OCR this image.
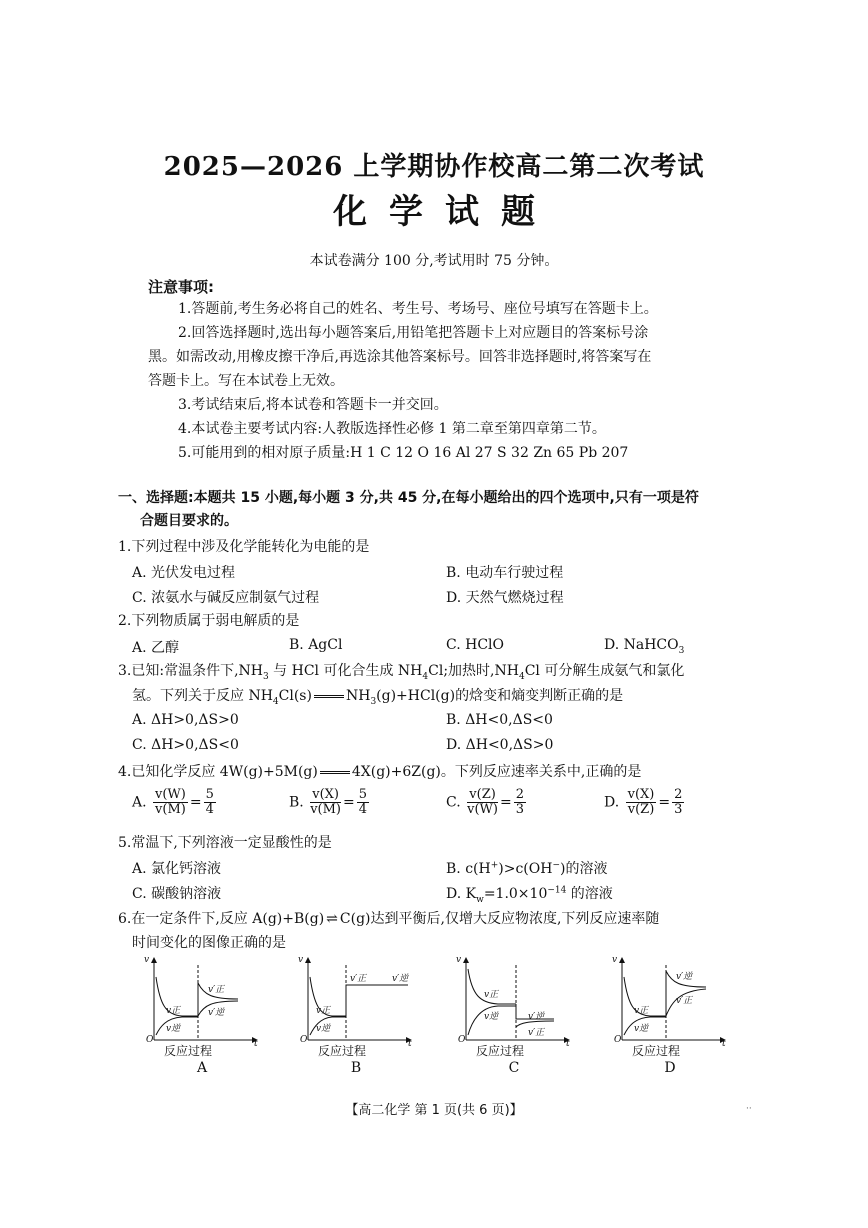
2025—2026 上学期协作校高二第二次考试
化学试题
本试卷满分 100 分,考试用时 75 分钟。
注意事项:
1.答题前,考生务必将自己的姓名、考生号、考场号、座位号填写在答题卡上。
2.回答选择题时,选出每小题答案后,用铅笔把答题卡上对应题目的答案标号涂
黑。如需改动,用橡皮擦干净后,再选涂其他答案标号。回答非选择题时,将答案写在
答题卡上。写在本试卷上无效。
3.考试结束后,将本试卷和答题卡一并交回。
4.本试卷主要考试内容:人教版选择性必修 1 第二章至第四章第二节。
5.可能用到的相对原子质量:H 1 C 12 O 16 Al 27 S 32 Zn 65 Pb 207
一、选择题:本题共 15 小题,每小题 3 分,共 45 分,在每小题给出的四个选项中,只有一项是符
合题目要求的。
1.下列过程中涉及化学能转化为电能的是
A. 光伏发电过程	B. 电动车行驶过程
C. 浓氨水与碱反应制氨气过程	D. 天然气燃烧过程
2.下列物质属于弱电解质的是
A. 乙醇	B. AgCl	C. HClO	D. NaHCO$_3$
3.已知:常温条件下$,NH_3$ 与 HCl 可化合生成 $NH_4Cl$;加热时$,NH_4Cl$ 可分解生成氨气和氯化
氢。下列关于反应 $NH_4Cl(s)$ $NH_3(g)+HCl(g)$的焓变和熵变判断正确的是
A. ΔH>0,ΔS>0	B. ΔH<0,ΔS<0
C. ΔH>0,ΔS<0	D. ΔH<0,ΔS>0
4.已知化学反应 4W(g)+5M(g) 4X(g)+6Z(g)。下列反应速率关系中,正确的是
A. $\frac{v(W)}{v(M)} = \frac{5}{4}$	B. $\frac{v(X)}{v(M)} = \frac{5}{4}$	C. $\frac{v(Z)}{v(W)} = \frac{2}{3}$	D. $\frac{v(X)}{v(Z)} = \frac{2}{3}$
5.常温下,下列溶液一定显酸性的是
A. 氯化钙溶液	B. c(H+)>c(OH−)的溶液
C. 碳酸钠溶液	D. $K_w=1.0\times 10^{-14}$ 的溶液
6.在一定条件下,反应 A(g)+B(g) ⇌ C(g)达到平衡后,仅增大反应物浓度,下列反应速率随
时间变化的图像正确的是
v
O	t
v正
v逆
v′正
v′逆
反应过程
A
v
O	t
v正
v逆
v′正	v′逆
反应过程
B
v
O	t
v正
v逆	v′逆
v′正
反应过程
C
v
O	t
v正
v逆
v′逆
v′正
反应过程
D
【高二化学 第 1 页(共 6 页)】	··
